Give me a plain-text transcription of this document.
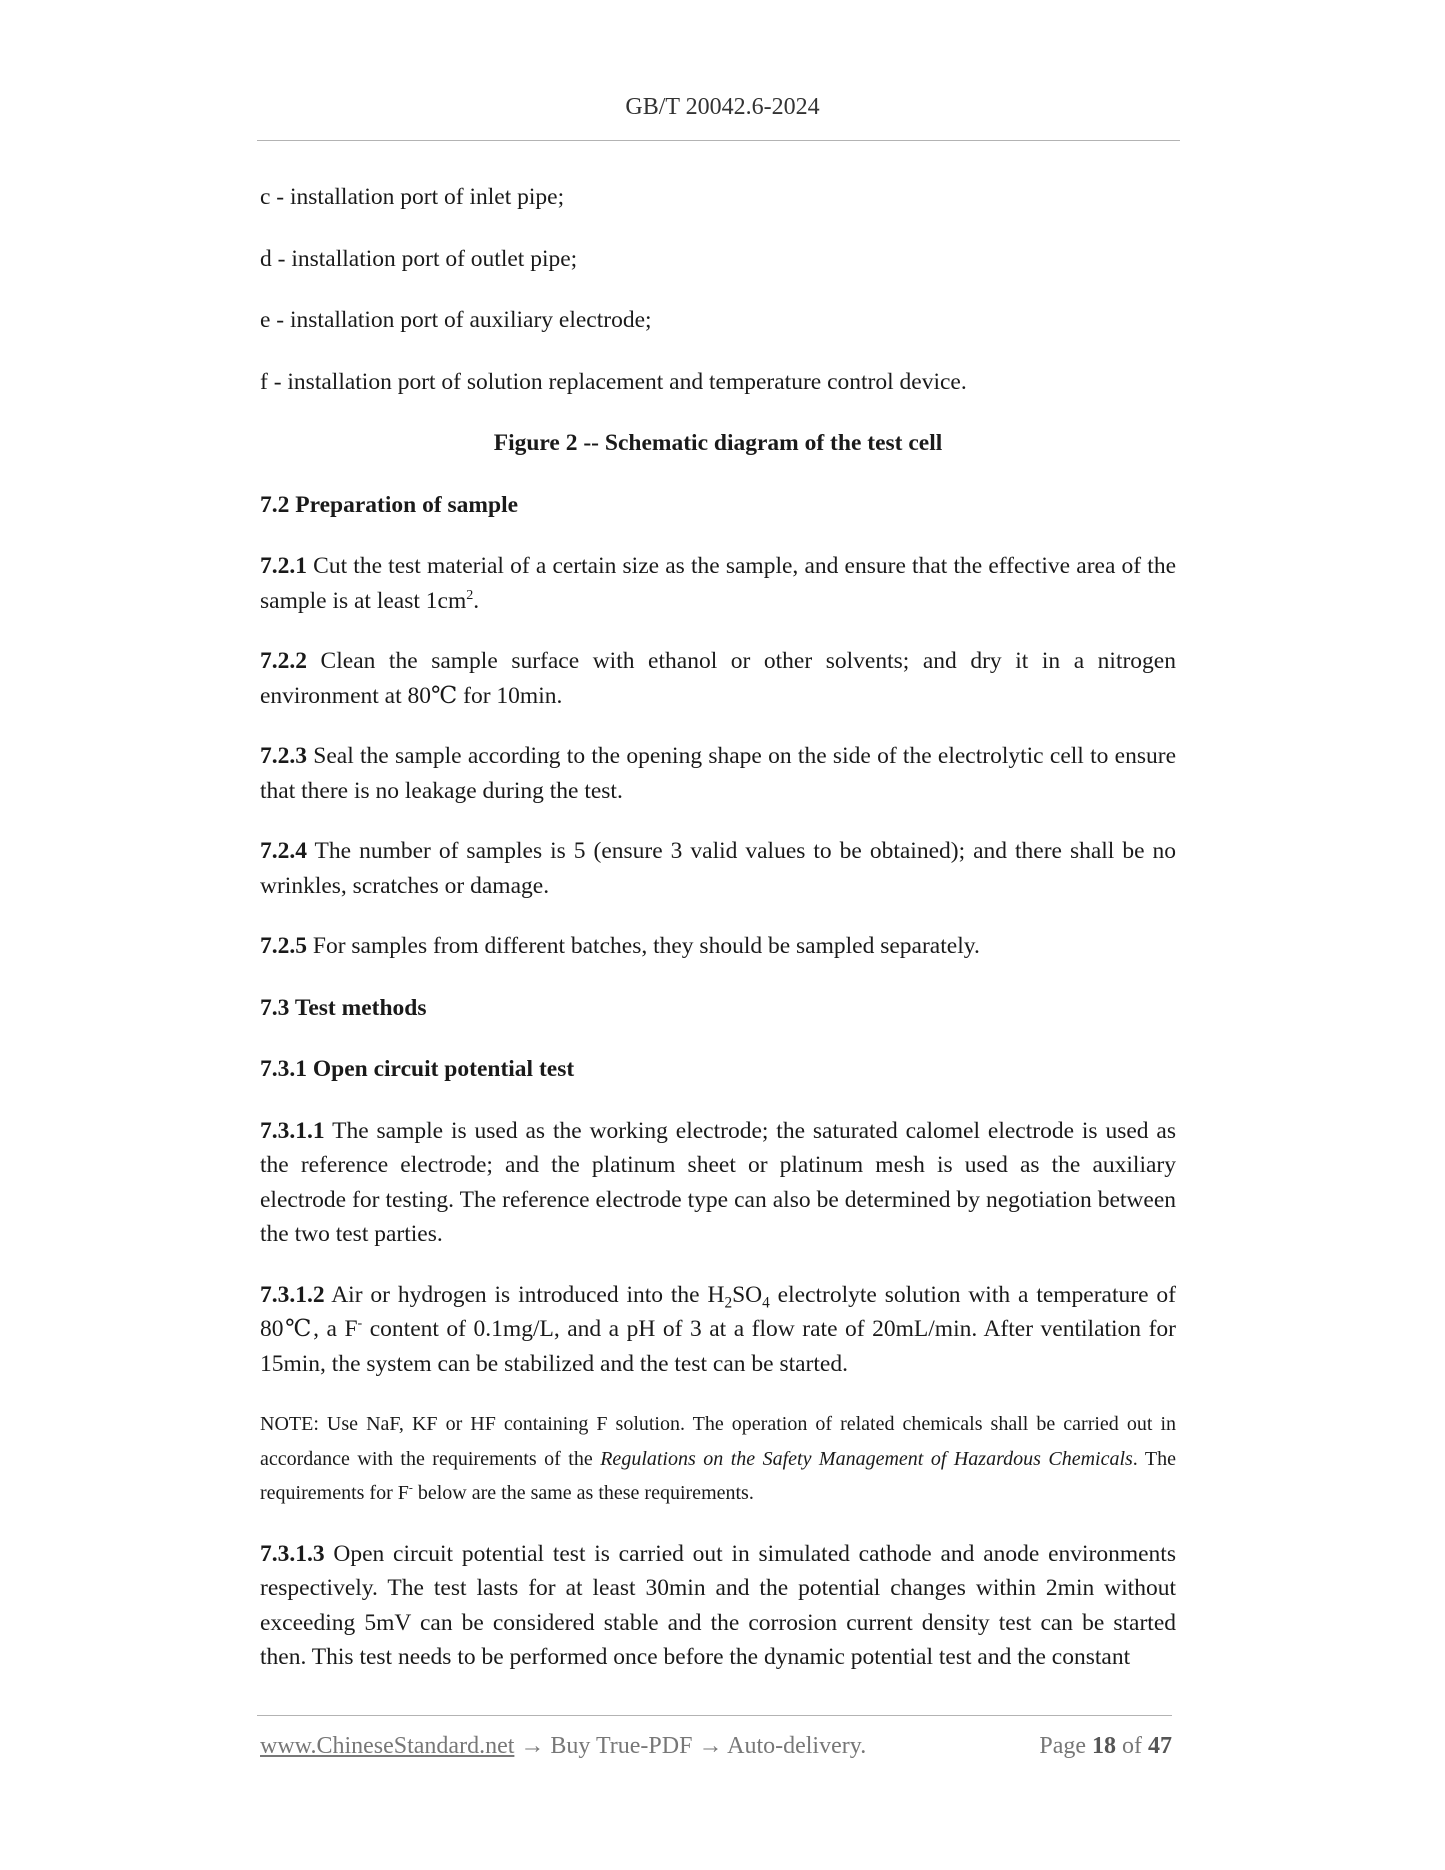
GB/T 20042.6-2024

c - installation port of inlet pipe;

d - installation port of outlet pipe;

e - installation port of auxiliary electrode;

f - installation port of solution replacement and temperature control device.

Figure 2 -- Schematic diagram of the test cell

7.2 Preparation of sample

7.2.1 Cut the test material of a certain size as the sample, and ensure that the effective area of the sample is at least $1cm^2$.

7.2.2 Clean the sample surface with ethanol or other solvents; and dry it in a nitrogen environment at 80℃ for 10min.

7.2.3 Seal the sample according to the opening shape on the side of the electrolytic cell to ensure that there is no leakage during the test.

7.2.4 The number of samples is 5 (ensure 3 valid values to be obtained); and there shall be no wrinkles, scratches or damage.

7.2.5 For samples from different batches, they should be sampled separately.

7.3 Test methods

7.3.1 Open circuit potential test

7.3.1.1 The sample is used as the working electrode; the saturated calomel electrode is used as the reference electrode; and the platinum sheet or platinum mesh is used as the auxiliary electrode for testing. The reference electrode type can also be determined by negotiation between the two test parties.

7.3.1.2 Air or hydrogen is introduced into the $H_2SO_4$ electrolyte solution with a temperature of 80℃, a F- content of 0.1mg/L, and a pH of 3 at a flow rate of 20mL/min. After ventilation for 15min, the system can be stabilized and the test can be started.

NOTE: Use NaF, KF or HF containing F solution. The operation of related chemicals shall be carried out in accordance with the requirements of the Regulations on the Safety Management of Hazardous Chemicals. The requirements for F- below are the same as these requirements.

7.3.1.3 Open circuit potential test is carried out in simulated cathode and anode environments respectively. The test lasts for at least 30min and the potential changes within 2min without exceeding 5mV can be considered stable and the corrosion current density test can be started then. This test needs to be performed once before the dynamic potential test and the constant

www.ChineseStandard.net → Buy True-PDF → Auto-delivery.	Page 18 of 47
